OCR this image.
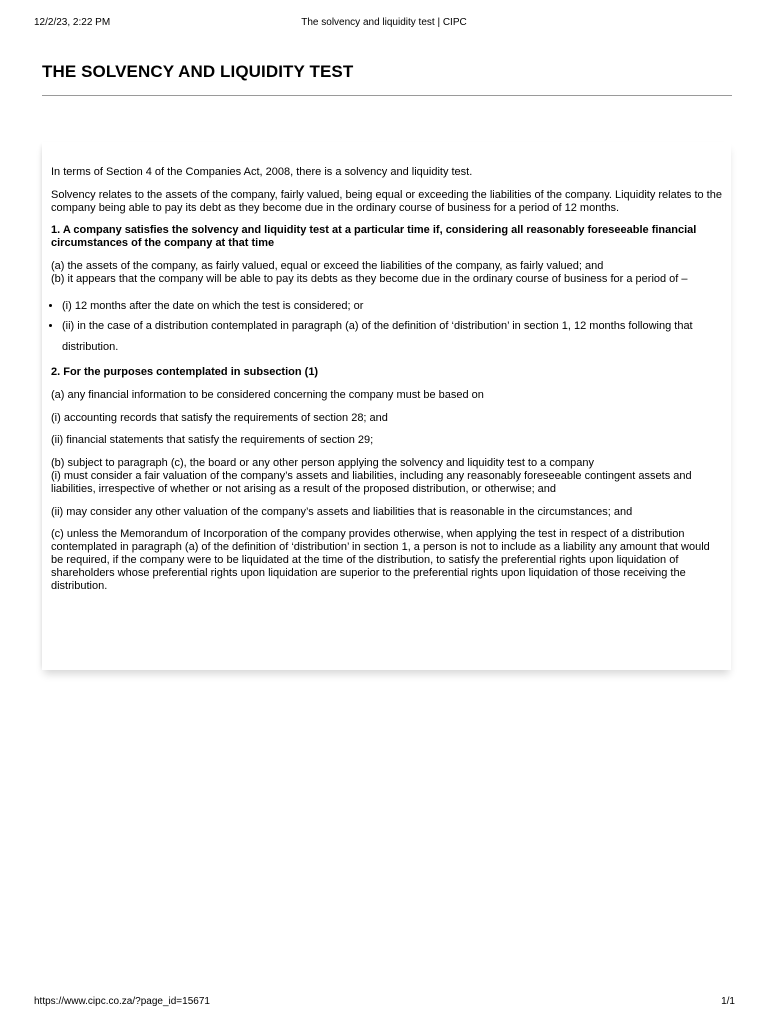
12/2/23, 2:22 PM	The solvency and liquidity test | CIPC
THE SOLVENCY AND LIQUIDITY TEST

In terms of Section 4 of the Companies Act, 2008, there is a solvency and liquidity test.

Solvency relates to the assets of the company, fairly valued, being equal or exceeding the liabilities of the company. Liquidity relates to the company being able to pay its debt as they become due in the ordinary course of business for a period of 12 months.

1. A company satisfies the solvency and liquidity test at a particular time if, considering all reasonably foreseeable financial circumstances of the company at that time

(a) the assets of the company, as fairly valued, equal or exceed the liabilities of the company, as fairly valued; and
(b) it appears that the company will be able to pay its debts as they become due in the ordinary course of business for a period of –

• (i) 12 months after the date on which the test is considered; or
• (ii) in the case of a distribution contemplated in paragraph (a) of the definition of ‘distribution’ in section 1, 12 months following that distribution.

2. For the purposes contemplated in subsection (1)

(a) any financial information to be considered concerning the company must be based on

(i) accounting records that satisfy the requirements of section 28; and

(ii) financial statements that satisfy the requirements of section 29;

(b) subject to paragraph (c), the board or any other person applying the solvency and liquidity test to a company
(i) must consider a fair valuation of the company’s assets and liabilities, including any reasonably foreseeable contingent assets and liabilities, irrespective of whether or not arising as a result of the proposed distribution, or otherwise; and

(ii) may consider any other valuation of the company’s assets and liabilities that is reasonable in the circumstances; and

(c) unless the Memorandum of Incorporation of the company provides otherwise, when applying the test in respect of a distribution contemplated in paragraph (a) of the definition of ‘distribution’ in section 1, a person is not to include as a liability any amount that would be required, if the company were to be liquidated at the time of the distribution, to satisfy the preferential rights upon liquidation of shareholders whose preferential rights upon liquidation are superior to the preferential rights upon liquidation of those receiving the distribution.

https://www.cipc.co.za/?page_id=15671	1/1
